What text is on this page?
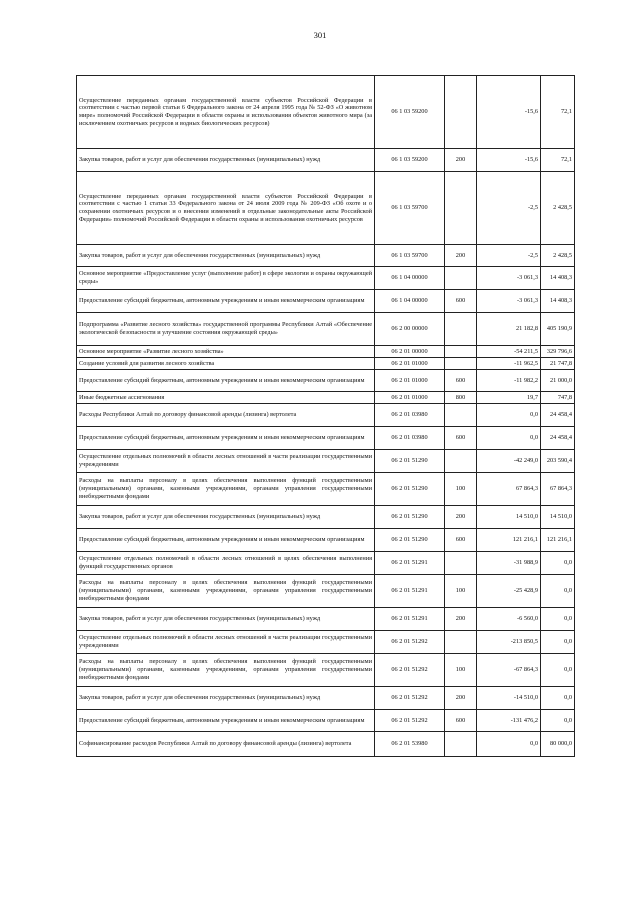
301
Осуществление переданных органам государственной власти субъектов Российской Федерации в соответствии с частью первой статьи 6 Федерального закона от 24 апреля 1995 года № 52-ФЗ «О животном мире» полномочий Российской Федерации в области охраны и использования объектов животного мира (за исключением охотничьих ресурсов и водных биологических ресурсов)	06 1 03 59200		-15,6	72,1
Закупка товаров, работ и услуг для обеспечения государственных (муниципальных) нужд	06 1 03 59200	200	-15,6	72,1
Осуществление переданных органам государственной власти субъектов Российской Федерации в соответствии с частью 1 статьи 33 Федерального закона от 24 июля 2009 года № 209-ФЗ «Об охоте и о сохранении охотничьих ресурсов и о внесении изменений в отдельные законодательные акты Российской Федерации» полномочий Российской Федерации в области охраны и использования охотничьих ресурсов	06 1 03 59700		-2,5	2 428,5
Закупка товаров, работ и услуг для обеспечения государственных (муниципальных) нужд	06 1 03 59700	200	-2,5	2 428,5
Основное мероприятие «Предоставление услуг (выполнение работ) в сфере экологии и охраны окружающей среды»	06 1 04 00000		-3 061,3	14 408,3
Предоставление субсидий бюджетным, автономным учреждениям и иным некоммерческим организациям	06 1 04 00000	600	-3 061,3	14 408,3
Подпрограмма «Развитие лесного хозяйства» государственной программы Республики Алтай «Обеспечение экологической безопасности и улучшение состояния окружающей среды»	06 2 00 00000		21 182,8	405 190,9
Основное мероприятие «Развитие лесного хозяйства»	06 2 01 00000		-54 211,5	329 796,6
Создание условий для развития лесного хозяйства	06 2 01 01000		-11 962,5	21 747,8
Предоставление субсидий бюджетным, автономным учреждениям и иным некоммерческим организациям	06 2 01 01000	600	-11 982,2	21 000,0
Иные бюджетные ассигнования	06 2 01 01000	800	19,7	747,8
Расходы Республики Алтай по договору финансовой аренды (лизинга) вертолета	06 2 01 03980		0,0	24 458,4
Предоставление субсидий бюджетным, автономным учреждениям и иным некоммерческим организациям	06 2 01 03980	600	0,0	24 458,4
Осуществление отдельных полномочий в области лесных отношений в части реализации государственными учреждениями	06 2 01 51290		-42 249,0	203 590,4
Расходы на выплаты персоналу в целях обеспечения выполнения функций государственными (муниципальными) органами, казенными учреждениями, органами управления государственными внебюджетными фондами	06 2 01 51290	100	67 864,3	67 864,3
Закупка товаров, работ и услуг для обеспечения государственных (муниципальных) нужд	06 2 01 51290	200	14 510,0	14 510,0
Предоставление субсидий бюджетным, автономным учреждениям и иным некоммерческим организациям	06 2 01 51290	600	121 216,1	121 216,1
Осуществление отдельных полномочий в области лесных отношений в целях обеспечения выполнения функций государственных органов	06 2 01 51291		-31 988,9	0,0
Расходы на выплаты персоналу в целях обеспечения выполнения функций государственными (муниципальными) органами, казенными учреждениями, органами управления государственными внебюджетными фондами	06 2 01 51291	100	-25 428,9	0,0
Закупка товаров, работ и услуг для обеспечения государственных (муниципальных) нужд	06 2 01 51291	200	-6 560,0	0,0
Осуществление отдельных полномочий в области лесных отношений в части реализации государственными учреждениями	06 2 01 51292		-213 850,5	0,0
Расходы на выплаты персоналу в целях обеспечения выполнения функций государственными (муниципальными) органами, казенными учреждениями, органами управления государственными внебюджетными фондами	06 2 01 51292	100	-67 864,3	0,0
Закупка товаров, работ и услуг для обеспечения государственных (муниципальных) нужд	06 2 01 51292	200	-14 510,0	0,0
Предоставление субсидий бюджетным, автономным учреждениям и иным некоммерческим организациям	06 2 01 51292	600	-131 476,2	0,0
Софинансирование расходов Республики Алтай по договору финансовой аренды (лизинга) вертолета	06 2 01 53980		0,0	80 000,0
